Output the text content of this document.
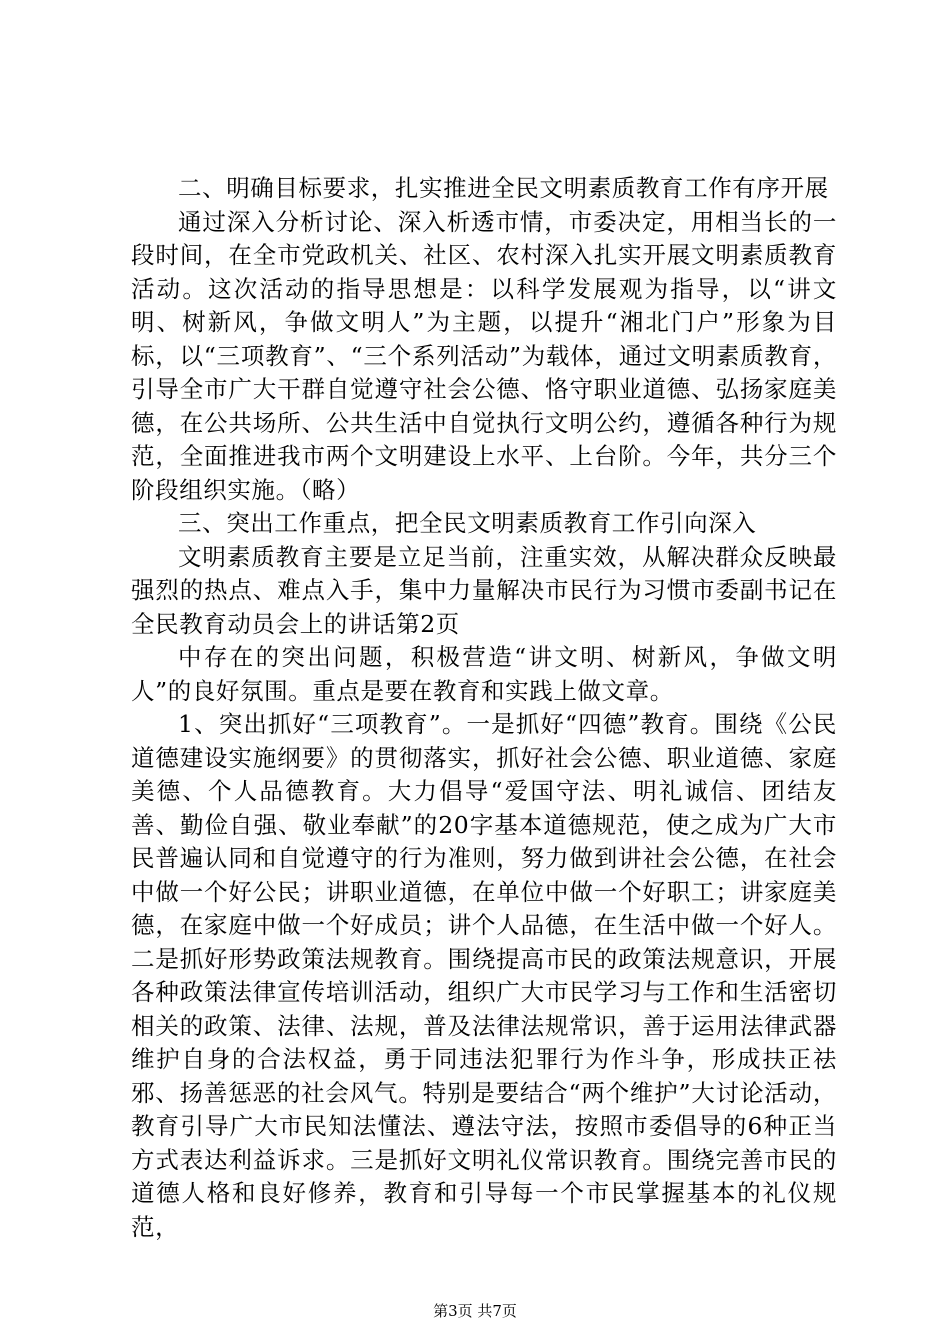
二、明确目标要求，扎实推进全民文明素质教育工作有序开展

通过深入分析讨论、深入析透市情，市委决定，用相当长的一段时间，在全市党政机关、社区、农村深入扎实开展文明素质教育活动。这次活动的指导思想是：以科学发展观为指导，以“讲文明、树新风，争做文明人”为主题，以提升“湘北门户”形象为目标，以“三项教育”、“三个系列活动”为载体，通过文明素质教育，引导全市广大干群自觉遵守社会公德、恪守职业道德、弘扬家庭美德，在公共场所、公共生活中自觉执行文明公约，遵循各种行为规范，全面推进我市两个文明建设上水平、上台阶。今年，共分三个阶段组织实施。（略）

三、突出工作重点，把全民文明素质教育工作引向深入

文明素质教育主要是立足当前，注重实效，从解决群众反映最强烈的热点、难点入手，集中力量解决市民行为习惯市委副书记在全民教育动员会上的讲话第2页

中存在的突出问题，积极营造“讲文明、树新风，争做文明人”的良好氛围。重点是要在教育和实践上做文章。

1、突出抓好“三项教育”。一是抓好“四德”教育。围绕《公民道德建设实施纲要》的贯彻落实，抓好社会公德、职业道德、家庭美德、个人品德教育。大力倡导“爱国守法、明礼诚信、团结友善、勤俭自强、敬业奉献”的20字基本道德规范，使之成为广大市民普遍认同和自觉遵守的行为准则，努力做到讲社会公德，在社会中做一个好公民；讲职业道德，在单位中做一个好职工；讲家庭美德，在家庭中做一个好成员；讲个人品德，在生活中做一个好人。二是抓好形势政策法规教育。围绕提高市民的政策法规意识，开展各种政策法律宣传培训活动，组织广大市民学习与工作和生活密切相关的政策、法律、法规，普及法律法规常识，善于运用法律武器维护自身的合法权益，勇于同违法犯罪行为作斗争，形成扶正祛邪、扬善惩恶的社会风气。特别是要结合“两个维护”大讨论活动，教育引导广大市民知法懂法、遵法守法，按照市委倡导的6种正当方式表达利益诉求。三是抓好文明礼仪常识教育。围绕完善市民的道德人格和良好修养，教育和引导每一个市民掌握基本的礼仪规范，

第3页 共7页
